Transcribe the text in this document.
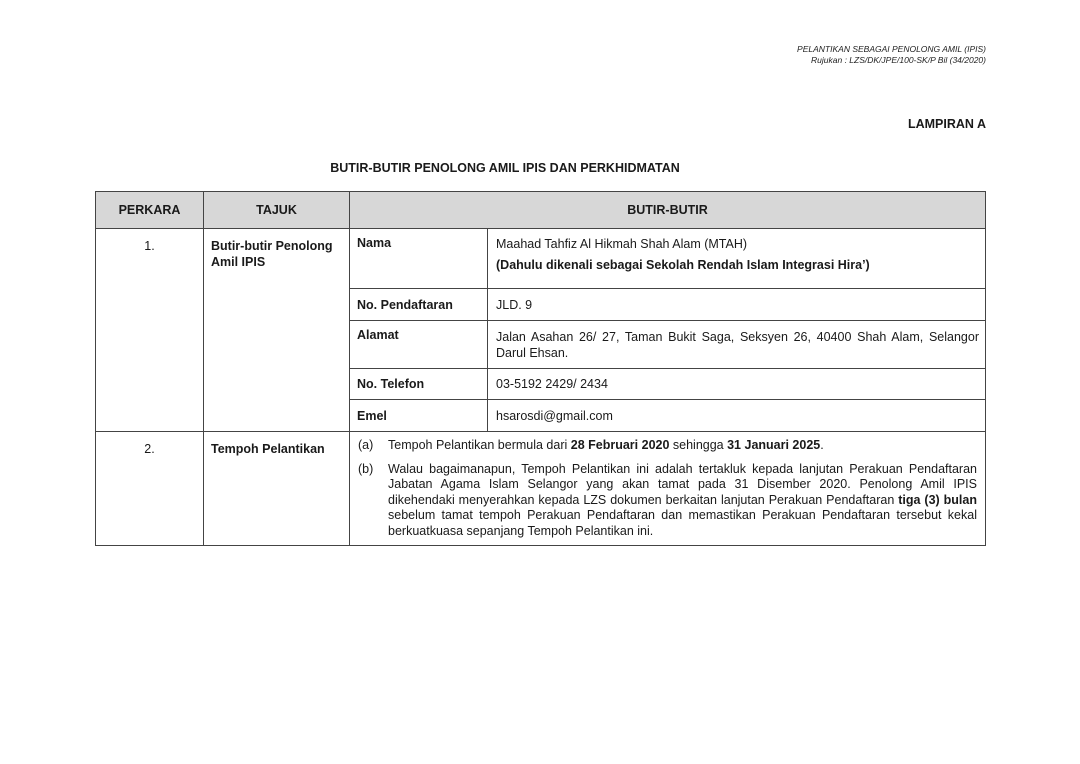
PELANTIKAN SEBAGAI PENOLONG AMIL (IPIS)
Rujukan : LZS/DK/JPE/100-SK/P Bil (34/2020)
LAMPIRAN A
BUTIR-BUTIR PENOLONG AMIL IPIS DAN PERKHIDMATAN
PERKARA	TAJUK	BUTIR-BUTIR	
1.	Butir-butir Penolong Amil IPIS	Nama	Maahad Tahfiz Al Hikmah Shah Alam (MTAH)
(Dahulu dikenali sebagai Sekolah Rendah Islam Integrasi Hira’)

		No. Pendaftaran	JLD. 9
		Alamat	Jalan Asahan 26/ 27, Taman Bukit Saga, Seksyen 26, 40400 Shah Alam, Selangor Darul Ehsan.
		No. Telefon	03-5192 2429/ 2434
		Emel	hsarosdi@gmail.com
2.	Tempoh Pelantikan	(a) Tempoh Pelantikan bermula dari 28 Februari 2020 sehingga 31 Januari 2025.
(b) Walau bagaimanapun, Tempoh Pelantikan ini adalah tertakluk kepada lanjutan Perakuan Pendaftaran Jabatan Agama Islam Selangor yang akan tamat pada 31 Disember 2020. Penolong Amil IPIS dikehendaki menyerahkan kepada LZS dokumen berkaitan lanjutan Perakuan Pendaftaran tiga (3) bulan sebelum tamat tempoh Perakuan Pendaftaran dan memastikan Perakuan Pendaftaran tersebut kekal berkuatkuasa sepanjang Tempoh Pelantikan ini.	
